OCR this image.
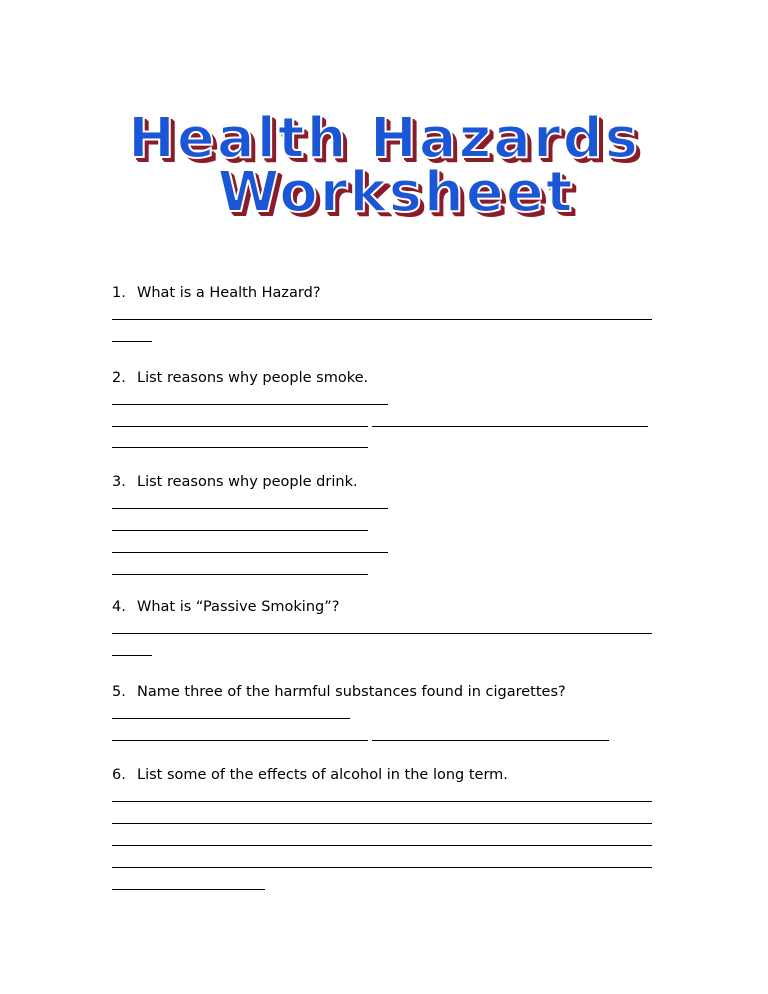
Health Hazards
Worksheet
1. What is a Health Hazard?
2. List reasons why people smoke.
3. List reasons why people drink.
4. What is “Passive Smoking”?
5. Name three of the harmful substances found in cigarettes?
6. List some of the effects of alcohol in the long term.
